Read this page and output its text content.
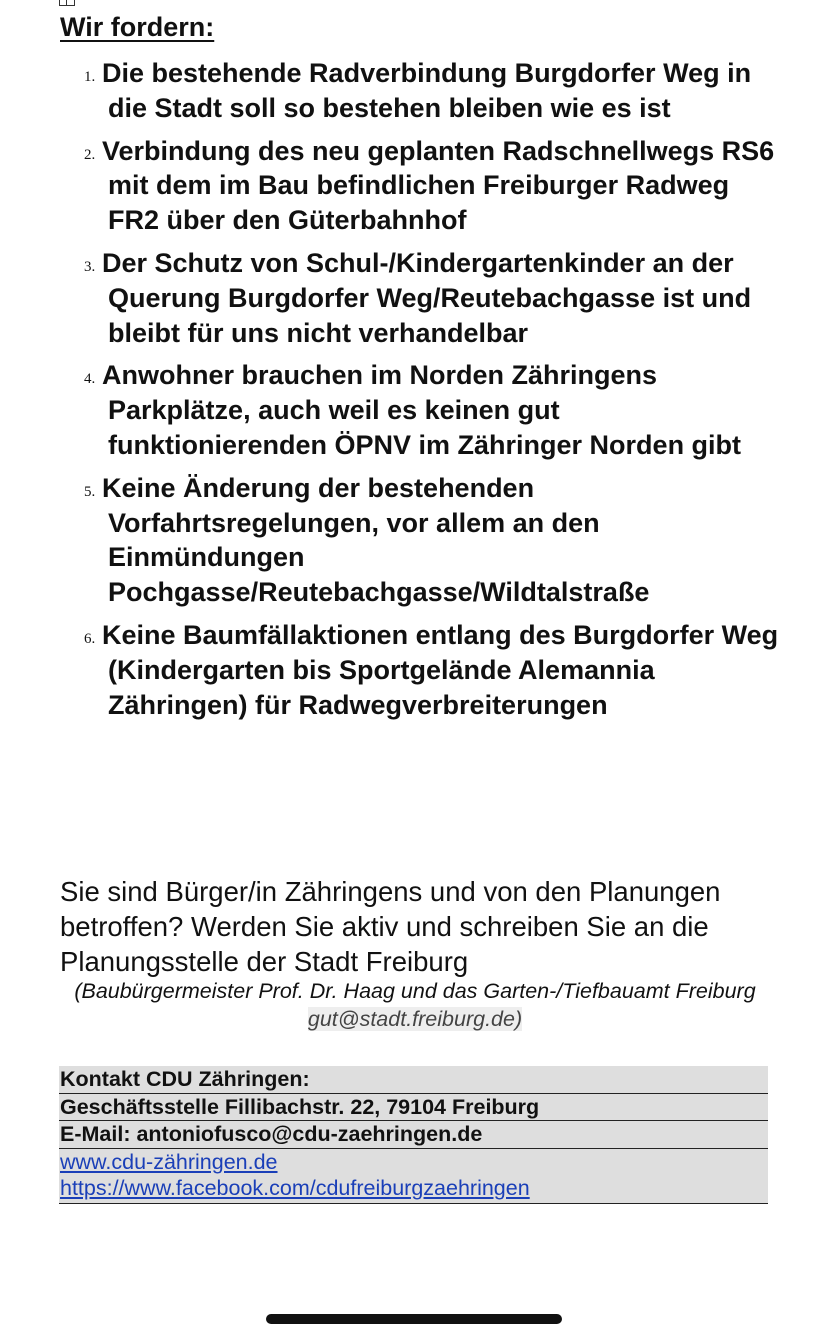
Wir fordern:
1. Die bestehende Radverbindung Burgdorfer Weg in die Stadt soll so bestehen bleiben wie es ist
2. Verbindung des neu geplanten Radschnellwegs RS6 mit dem im Bau befindlichen Freiburger Radweg FR2 über den Güterbahnhof
3. Der Schutz von Schul-/Kindergartenkinder an der Querung Burgdorfer Weg/Reutebachgasse ist und bleibt für uns nicht verhandelbar
4. Anwohner brauchen im Norden Zähringens Parkplätze, auch weil es keinen gut funktionierenden ÖPNV im Zähringer Norden gibt
5. Keine Änderung der bestehenden Vorfahrtsregelungen, vor allem an den Einmündungen Pochgasse/Reutebachgasse/Wildtalstraße
6. Keine Baumfällaktionen entlang des Burgdorfer Weg (Kindergarten bis Sportgelände Alemannia Zähringen) für Radwegverbreiterungen

Sie sind Bürger/in Zähringens und von den Planungen betroffen? Werden Sie aktiv und schreiben Sie an die Planungsstelle der Stadt Freiburg

(Baubürgermeister Prof. Dr. Haag und das Garten-/Tiefbauamt Freiburg gut@stadt.freiburg.de)

Kontakt CDU Zähringen:
Geschäftsstelle Fillibachstr. 22, 79104 Freiburg
E-Mail: antoniofusco@cdu-zaehringen.de
www.cdu-zähringen.de
https://www.facebook.com/cdufreiburgzaehringen
